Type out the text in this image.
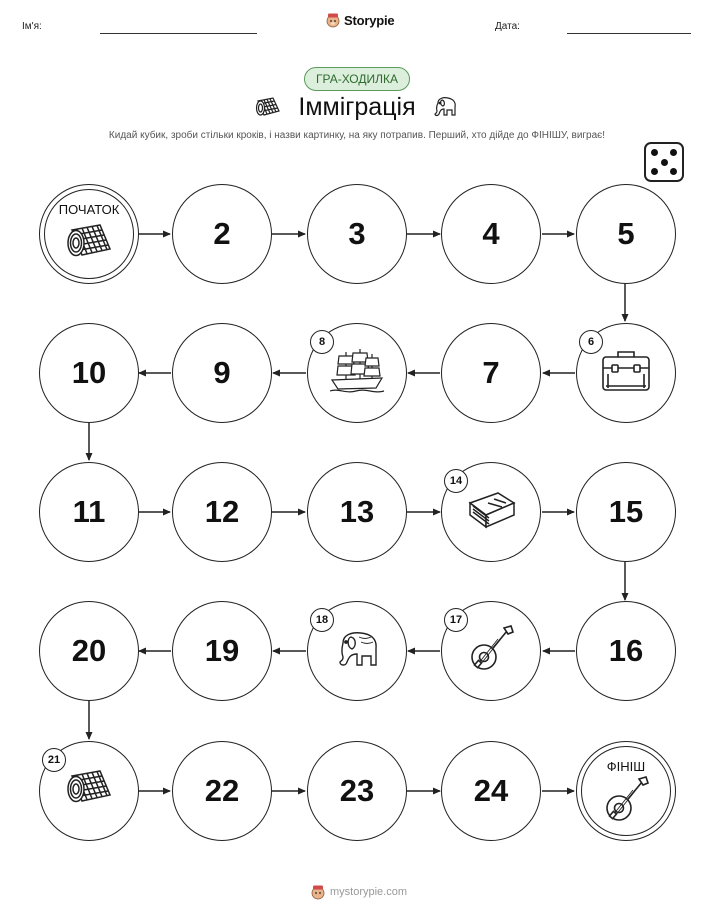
Ім'я:	Storypie	Дата:
ГРА-ХОДИЛКА
Імміграція
Кидай кубик, зроби стільки кроків, і назви картинку, на яку потрапив. Перший, хто дійде до ФІНІШУ, виграє!
ПОЧАТОК
2	3	4	5
6
7
8
9
10
11	12	13
14
15
16
17
18
19
20
21
22	23	24
ФІНІШ
mystorypie.com
